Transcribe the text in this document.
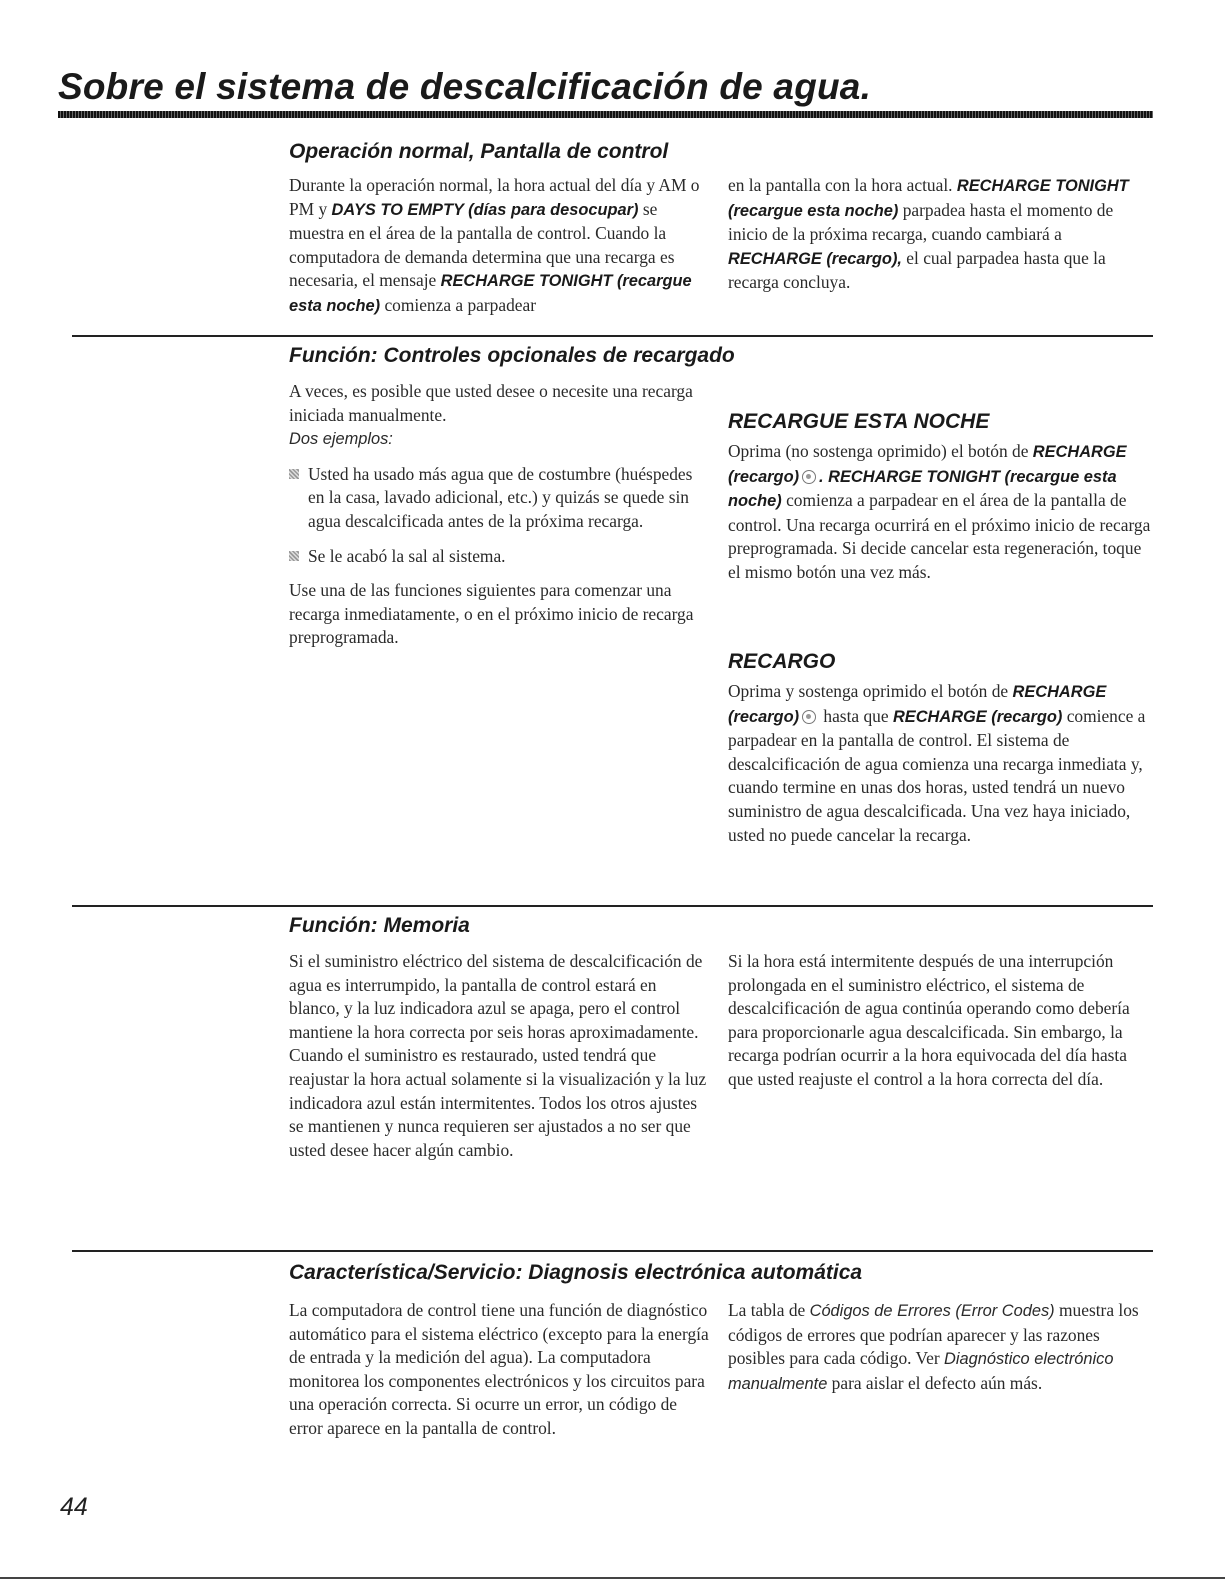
Sobre el sistema de descalcificación de agua.
Operación normal, Pantalla de control

Durante la operación normal, la hora actual del día y AM o PM y DAYS TO EMPTY (días para desocupar) se muestra en el área de la pantalla de control. Cuando la computadora de demanda determina que una recarga es necesaria, el mensaje RECHARGE TONIGHT (recargue esta noche) comienza a parpadear

en la pantalla con la hora actual. RECHARGE TONIGHT (recargue esta noche) parpadea hasta el momento de inicio de la próxima recarga, cuando cambiará a RECHARGE (recargo), el cual parpadea hasta que la recarga concluya.

Función: Controles opcionales de recargado

A veces, es posible que usted desee o necesite una recarga iniciada manualmente.

Dos ejemplos:

Usted ha usado más agua que de costumbre (huéspedes en la casa, lavado adicional, etc.) y quizás se quede sin agua descalcificada antes de la próxima recarga.

Se le acabó la sal al sistema.

Use una de las funciones siguientes para comenzar una recarga inmediatamente, o en el próximo inicio de recarga preprogramada.

RECARGUE ESTA NOCHE

Oprima (no sostenga oprimido) el botón de RECHARGE (recargo) . RECHARGE TONIGHT (recargue esta noche) comienza a parpadear en el área de la pantalla de control. Una recarga ocurrirá en el próximo inicio de recarga preprogramada. Si decide cancelar esta regeneración, toque el mismo botón una vez más.

RECARGO

Oprima y sostenga oprimido el botón de RECHARGE (recargo) hasta que RECHARGE (recargo) comience a parpadear en la pantalla de control. El sistema de descalcificación de agua comienza una recarga inmediata y, cuando termine en unas dos horas, usted tendrá un nuevo suministro de agua descalcificada. Una vez haya iniciado, usted no puede cancelar la recarga.

Función: Memoria

Si el suministro eléctrico del sistema de descalcificación de agua es interrumpido, la pantalla de control estará en blanco, y la luz indicadora azul se apaga, pero el control mantiene la hora correcta por seis horas aproximadamente. Cuando el suministro es restaurado, usted tendrá que reajustar la hora actual solamente si la visualización y la luz indicadora azul están intermitentes. Todos los otros ajustes se mantienen y nunca requieren ser ajustados a no ser que usted desee hacer algún cambio.

Si la hora está intermitente después de una interrupción prolongada en el suministro eléctrico, el sistema de descalcificación de agua continúa operando como debería para proporcionarle agua descalcificada. Sin embargo, la recarga podrían ocurrir a la hora equivocada del día hasta que usted reajuste el control a la hora correcta del día.

Característica/Servicio: Diagnosis electrónica automática

La computadora de control tiene una función de diagnóstico automático para el sistema eléctrico (excepto para la energía de entrada y la medición del agua). La computadora monitorea los componentes electrónicos y los circuitos para una operación correcta. Si ocurre un error, un código de error aparece en la pantalla de control.

La tabla de Códigos de Errores (Error Codes) muestra los códigos de errores que podrían aparecer y las razones posibles para cada código. Ver Diagnóstico electrónico manualmente para aislar el defecto aún más.

44
